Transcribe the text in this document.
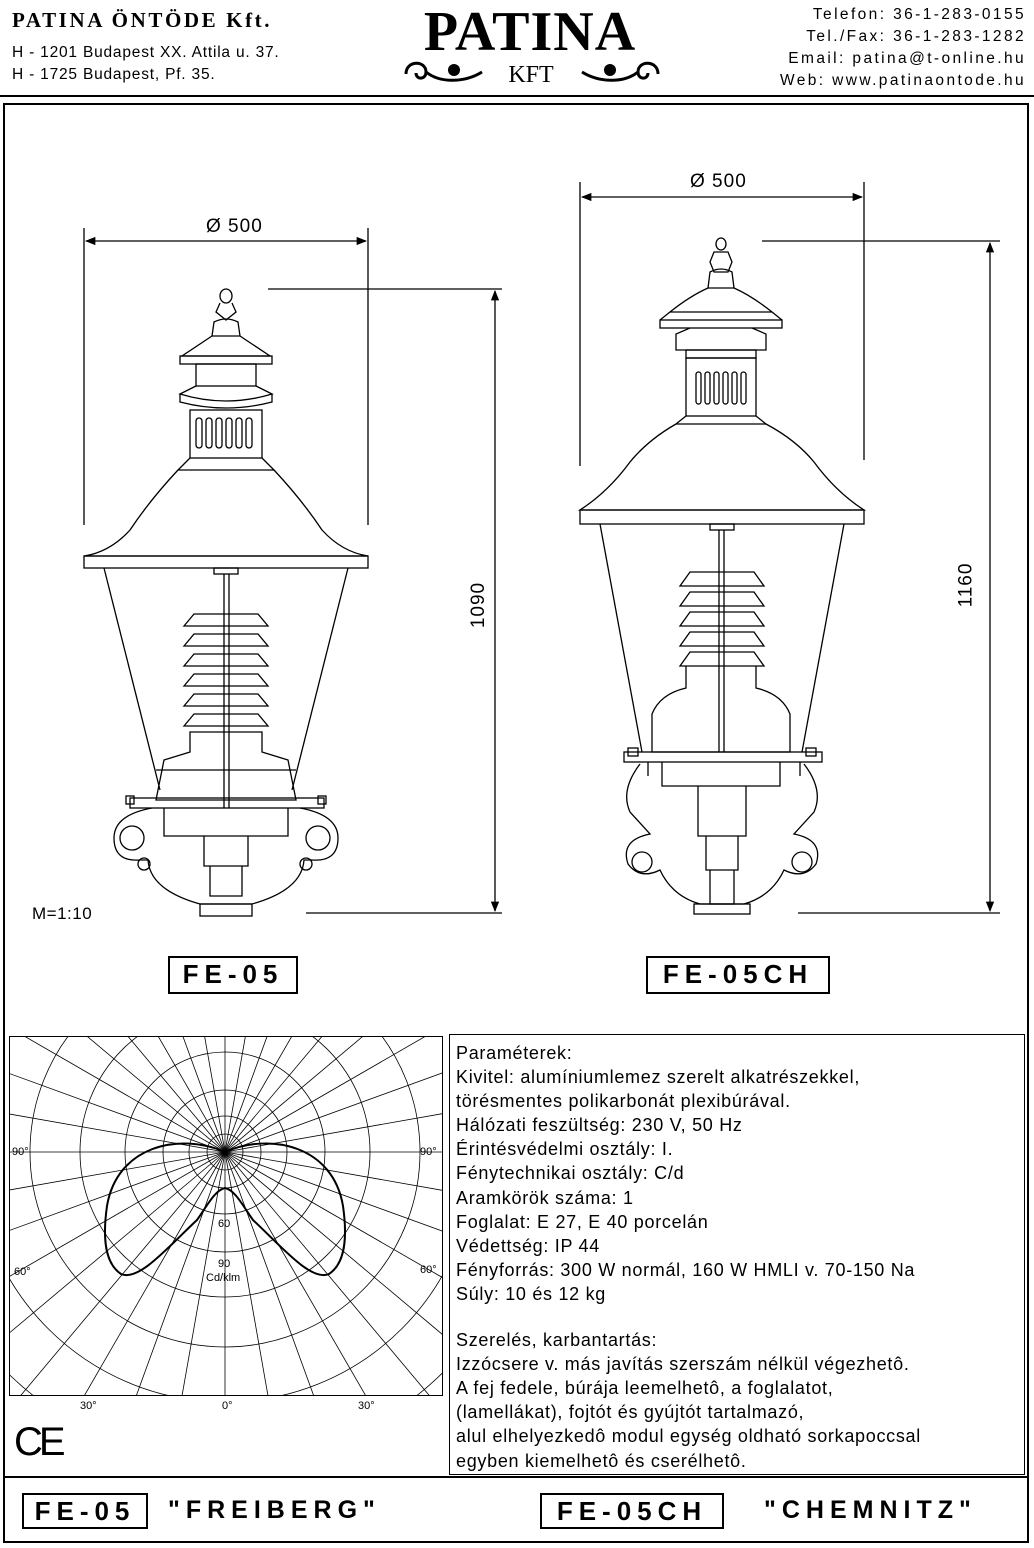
PATINA ÖNTÖDE Kft.
H - 1201 Budapest XX. Attila u. 37.
H - 1725 Budapest, Pf. 35.
PATINA
KFT
Telefon: 36-1-283-0155
Tel./Fax: 36-1-283-1282
Email: patina@t-online.hu
Web: www.patinaontode.hu
Ø 500
Ø 500
1090	1160
M=1:10
FE-05	FE-05CH
90°	90°
60°	60°
60
90
Cd/klm
30°	0°	30°
CE
Paraméterek:
Kivitel: alumíniumlemez szerelt alkatrészekkel,
törésmentes polikarbonát plexibúrával.
Hálózati feszültség: 230 V, 50 Hz
Érintésvédelmi osztály: I.
Fénytechnikai osztály: C/d
Aramkörök száma: 1
Foglalat: E 27, E 40 porcelán
Védettség: IP 44
Fényforrás: 300 W normál, 160 W HMLI v. 70-150 Na
Súly: 10 és 12 kg
Szerelés, karbantartás:
Izzócsere v. más javítás szerszám nélkül végezhetô.
A fej fedele, búrája leemelhetô, a foglalatot,
(lamellákat), fojtót és gyújtót tartalmazó,
alul elhelyezkedô modul egység oldható sorkapoccsal
egyben kiemelhetô és cserélhetô.
FE-05	"FREIBERG"	FE-05CH	"CHEMNITZ"
